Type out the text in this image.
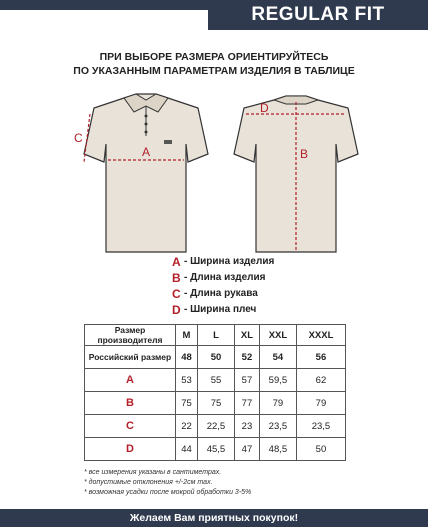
REGULAR FIT
ПРИ ВЫБОРЕ РАЗМЕРА ОРИЕНТИРУЙТЕСЬ
ПО УКАЗАННЫМ ПАРАМЕТРАМ ИЗДЕЛИЯ В ТАБЛИЦЕ
A
C
D
B
A - Ширина изделия
B - Длина изделия
C - Длина рукава
D - Ширина плеч
Размер производителя	M	L	XL	XXL	XXXL
Российский размер	48	50	52	54	56
A	53	55	57	59,5	62
B	75	75	77	79	79
C	22	22,5	23	23,5	23,5
D	44	45,5	47	48,5	50
* все измерения указаны в сантиметрах.
* допустимые отклонения +/-2см max.
* возможная усадки после мокрой обработки 3-5%
Желаем Вам приятных покупок!
